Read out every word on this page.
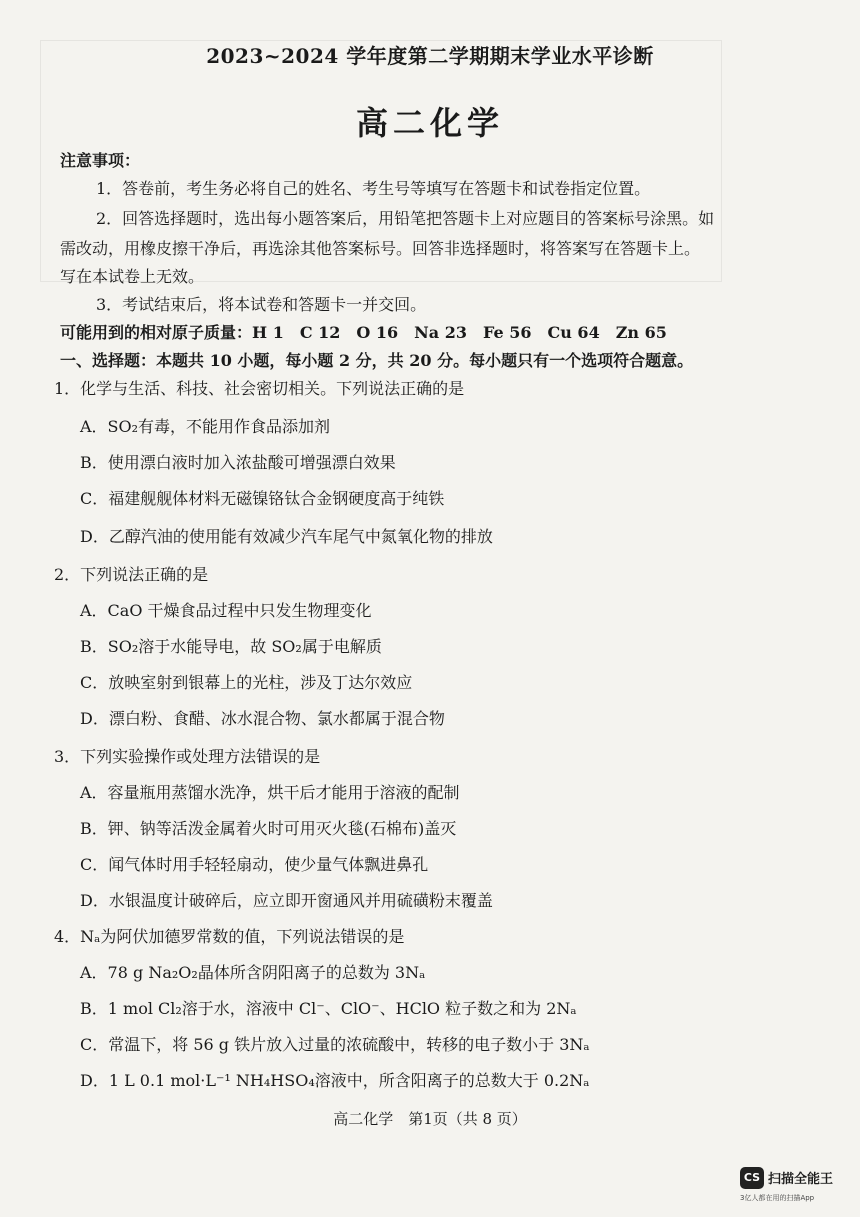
2023~2024 学年度第二学期期末学业水平诊断
高二化学
注意事项：
1．答卷前，考生务必将自己的姓名、考生号等填写在答题卡和试卷指定位置。
2．回答选择题时，选出每小题答案后，用铅笔把答题卡上对应题目的答案标号涂黑。如
需改动，用橡皮擦干净后，再选涂其他答案标号。回答非选择题时，将答案写在答题卡上。
写在本试卷上无效。
3．考试结束后，将本试卷和答题卡一并交回。
可能用到的相对原子质量：H 1　C 12　O 16　Na 23　Fe 56　Cu 64　Zn 65
一、选择题：本题共 10 小题，每小题 2 分，共 20 分。每小题只有一个选项符合题意。
1．化学与生活、科技、社会密切相关。下列说法正确的是
A．SO₂有毒，不能用作食品添加剂
B．使用漂白液时加入浓盐酸可增强漂白效果
C．福建舰舰体材料无磁镍铬钛合金钢硬度高于纯铁
D．乙醇汽油的使用能有效减少汽车尾气中氮氧化物的排放
2．下列说法正确的是
A．CaO 干燥食品过程中只发生物理变化
B．SO₂溶于水能导电，故 SO₂属于电解质
C．放映室射到银幕上的光柱，涉及丁达尔效应
D．漂白粉、食醋、冰水混合物、氯水都属于混合物
3．下列实验操作或处理方法错误的是
A．容量瓶用蒸馏水洗净，烘干后才能用于溶液的配制
B．钾、钠等活泼金属着火时可用灭火毯(石棉布)盖灭
C．闻气体时用手轻轻扇动，使少量气体飘进鼻孔
D．水银温度计破碎后，应立即开窗通风并用硫磺粉末覆盖
4．Nₐ为阿伏加德罗常数的值，下列说法错误的是
A．78 g Na₂O₂晶体所含阴阳离子的总数为 3Nₐ
B．1 mol Cl₂溶于水，溶液中 Cl⁻、ClO⁻、HClO 粒子数之和为 2Nₐ
C．常温下，将 56 g 铁片放入过量的浓硫酸中，转移的电子数小于 3Nₐ
D．1 L 0.1 mol·L⁻¹ NH₄HSO₄溶液中，所含阳离子的总数大于 0.2Nₐ
高二化学　第1页（共 8 页）
CS 扫描全能王
3亿人都在用的扫描App
